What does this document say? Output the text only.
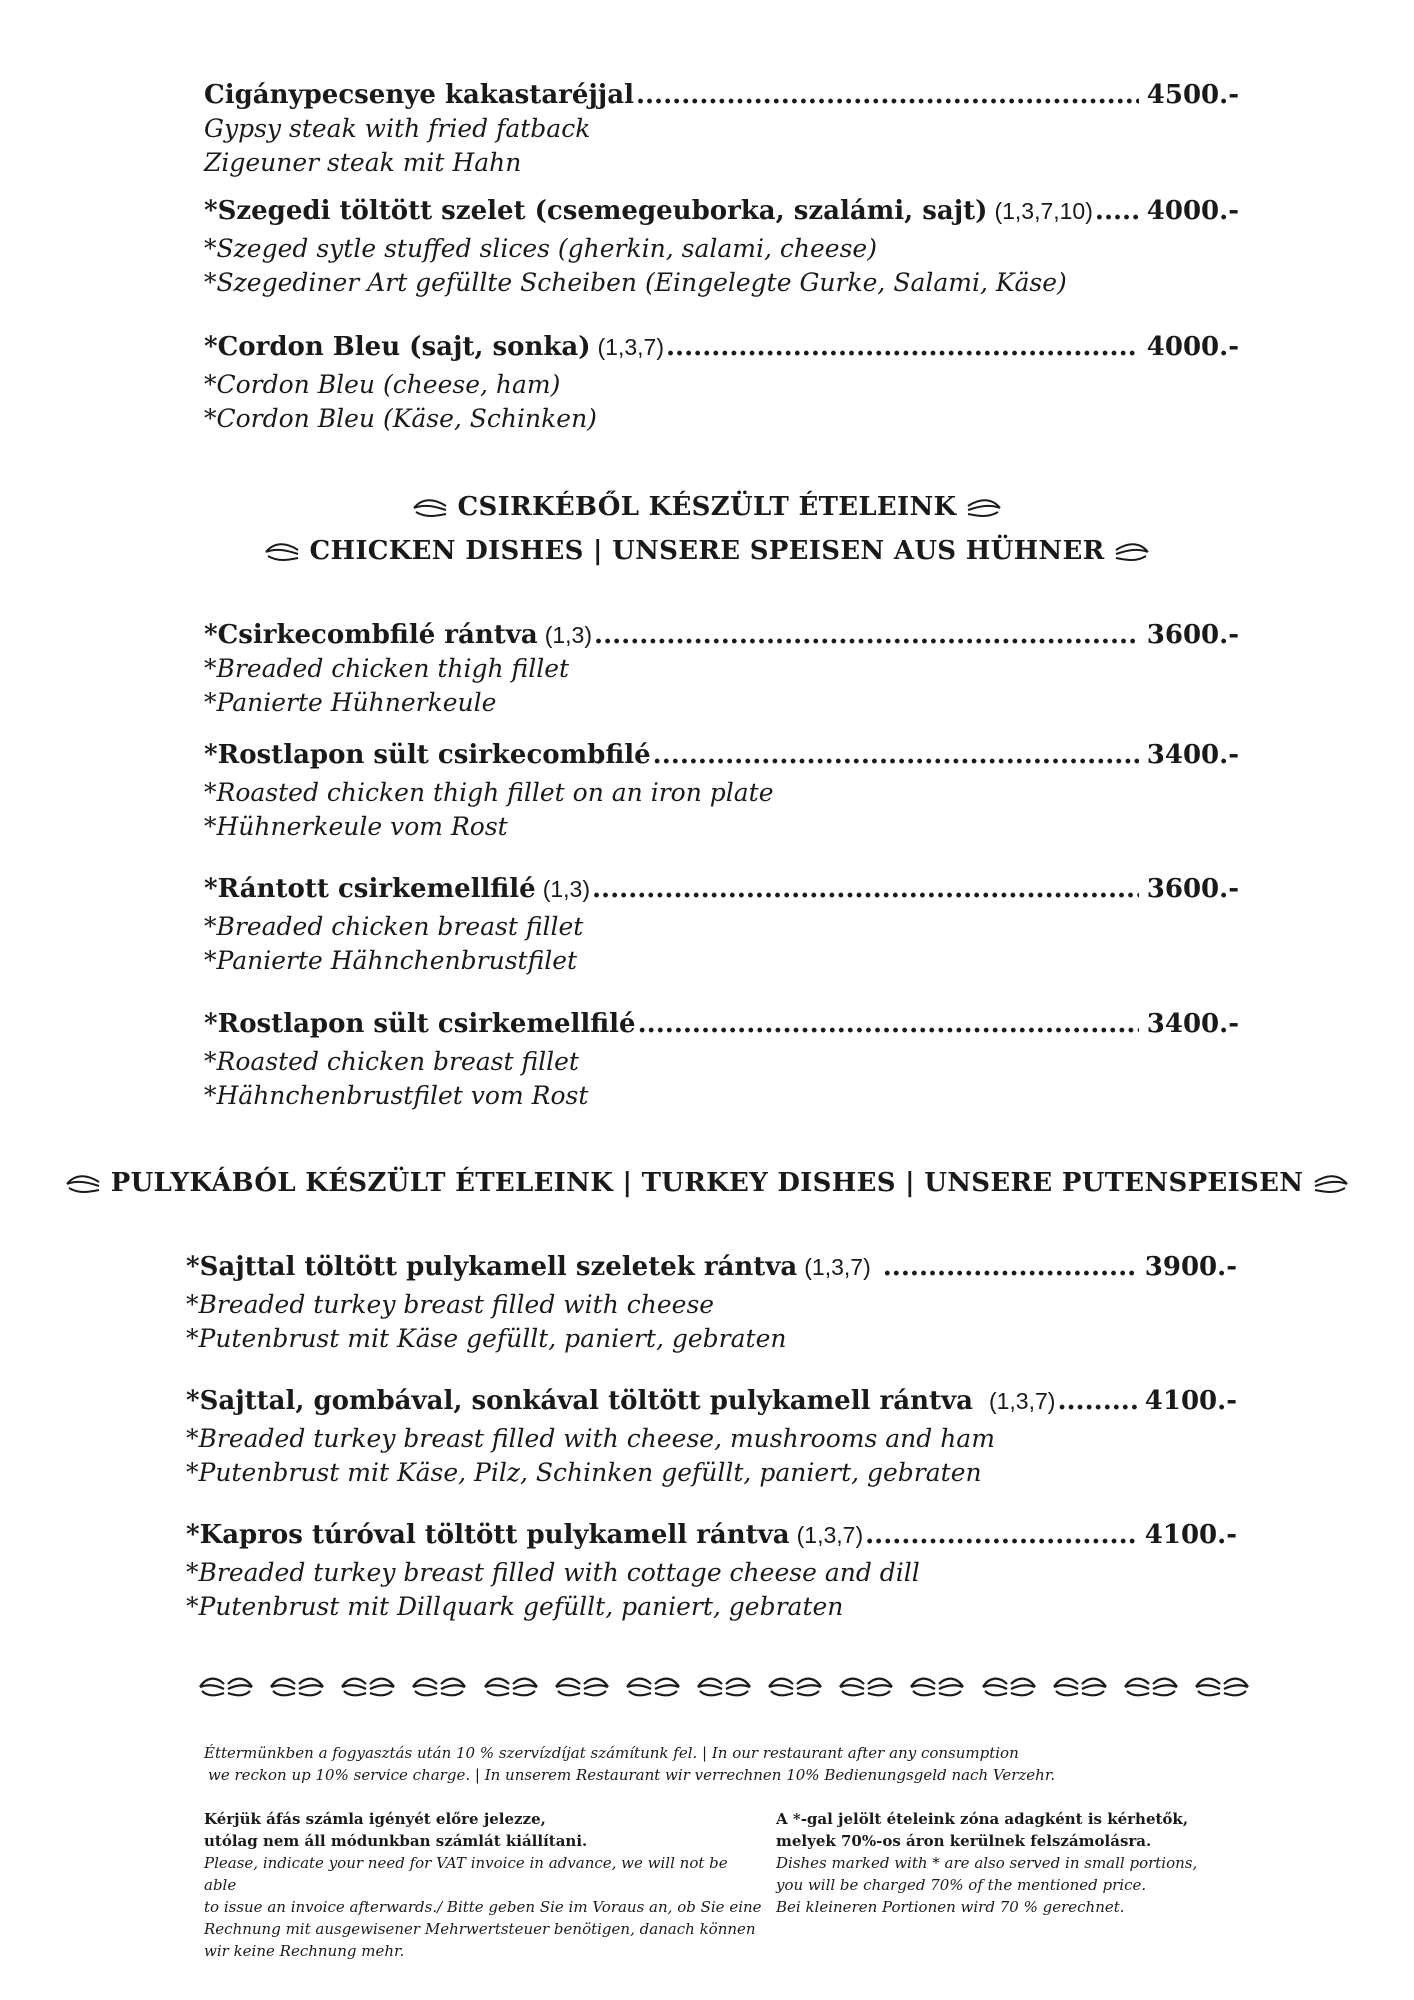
Cigánypecsenye kakastaréjjal .....	4500.-

Gypsy steak with fried fatback

Zigeuner steak mit Hahn

*Szegedi töltött szelet (csemegeuborka, szalámi, sajt) (1,3,7,10) ..... 4000.-

*Szeged sytle stuffed slices (gherkin, salami, cheese)

*Szegediner Art gefüllte Scheiben (Eingelegte Gurke, Salami, Käse)

*Cordon Bleu (sajt, sonka) (1,3,7) .....	4000.-

*Cordon Bleu (cheese, ham)

*Cordon Bleu (Käse, Schinken)

CSIRKÉBŐL KÉSZÜLT ÉTELEINK
CHICKEN DISHES | UNSERE SPEISEN AUS HÜHNER
*Csirkecombfilé rántva (1,3) .....	3600.-

*Breaded chicken thigh fillet

*Panierte Hühnerkeule

*Rostlapon sült csirkecombfilé .....	3400.-

*Roasted chicken thigh fillet on an iron plate

*Hühnerkeule vom Rost

*Rántott csirkemellfilé (1,3) .....	3600.-

*Breaded chicken breast fillet

*Panierte Hähnchenbrustfilet

*Rostlapon sült csirkemellfilé .....	3400.-

*Roasted chicken breast fillet

*Hähnchenbrustfilet vom Rost

PULYKÁBÓL KÉSZÜLT ÉTELEINK | TURKEY DISHES | UNSERE PUTENSPEISEN
*Sajttal töltött pulykamell szeletek rántva (1,3,7) .....	3900.-

*Breaded turkey breast filled with cheese

*Putenbrust mit Käse gefüllt, paniert, gebraten

*Sajttal, gombával, sonkával töltött pulykamell rántva (1,3,7) .....	4100.-

*Breaded turkey breast filled with cheese, mushrooms and ham

*Putenbrust mit Käse, Pilz, Schinken gefüllt, paniert, gebraten

*Kapros túróval töltött pulykamell rántva (1,3,7) .....	4100.-

*Breaded turkey breast filled with cottage cheese and dill

*Putenbrust mit Dillquark gefüllt, paniert, gebraten

Éttermünkben a fogyasztás után 10 % szervízdíjat számítunk fel. | In our restaurant after any consumption
we reckon up 10% service charge. | In unserem Restaurant wir verrechnen 10% Bedienungsgeld nach Verzehr.
Kérjük áfás számla igényét előre jelezze,
utólag nem áll módunkban számlát kiállítani.
Please, indicate your need for VAT invoice in advance, we will not be able
to issue an invoice afterwards./ Bitte geben Sie im Voraus an, ob Sie eine
Rechnung mit ausgewisener Mehrwertsteuer benötigen, danach können
wir keine Rechnung mehr.
A *-gal jelölt ételeink zóna adagként is kérhetők,
melyek 70%-os áron kerülnek felszámolásra.
Dishes marked with * are also served in small portions,
you will be charged 70% of the mentioned price.
Bei kleineren Portionen wird 70 % gerechnet.
